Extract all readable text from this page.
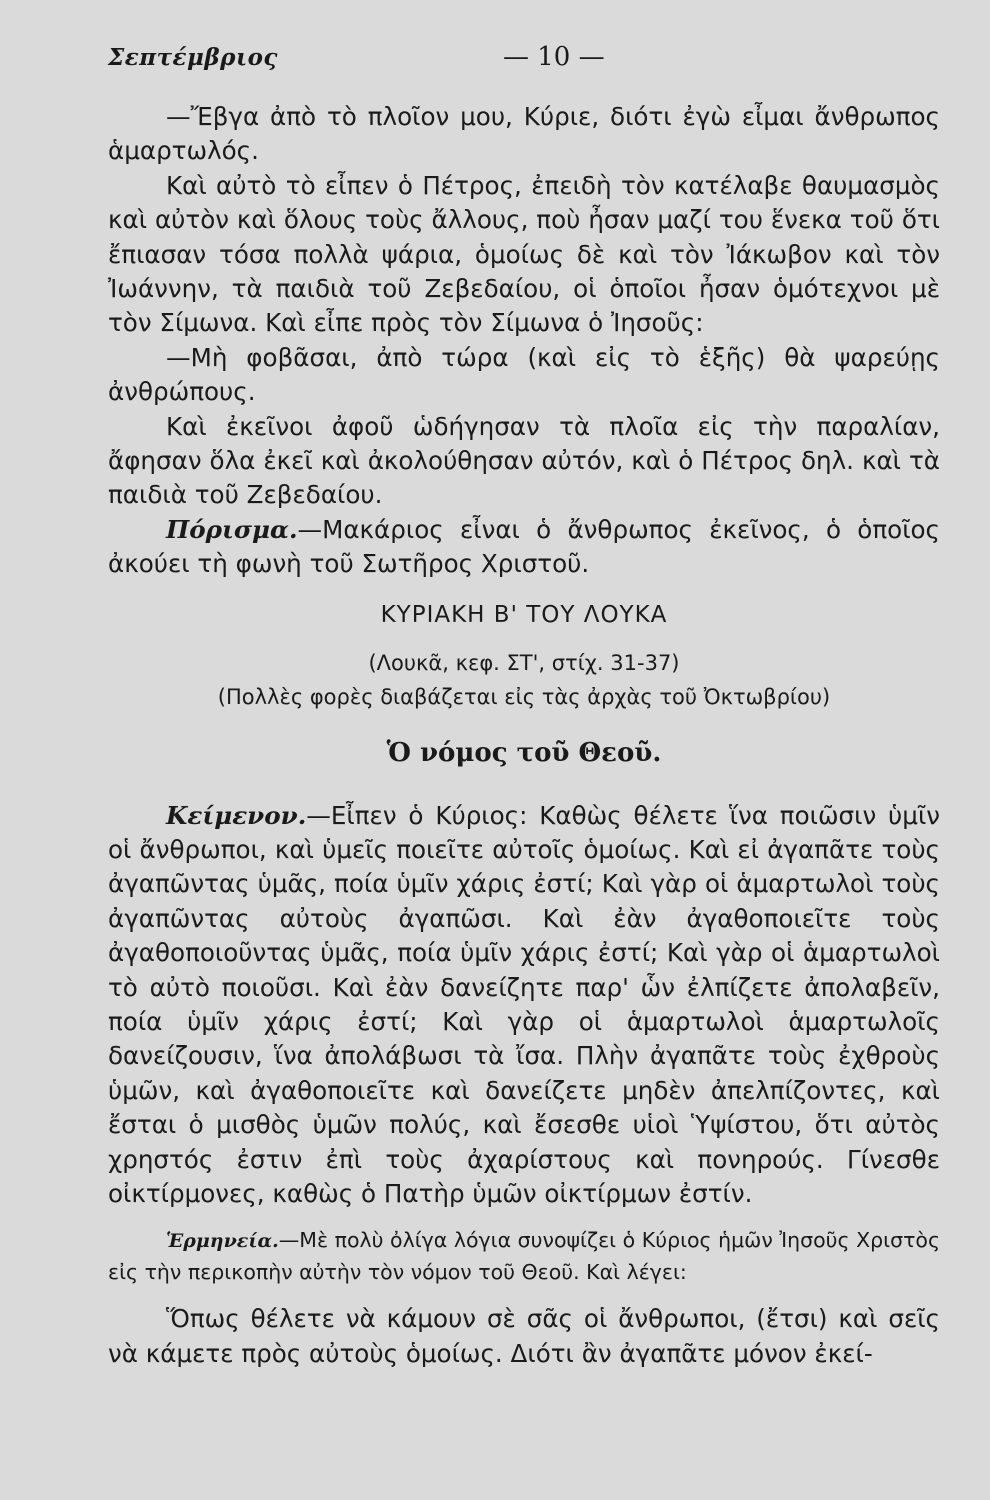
Σεπτέμβριος	— 10 —

—Ἔβγα ἀπὸ τὸ πλοῖον μου, Κύριε, διότι ἐγὼ εἶμαι ἄνθρωπος ἁμαρτωλός.

Καὶ αὐτὸ τὸ εἶπεν ὁ Πέτρος, ἐπειδὴ τὸν κατέλαβε θαυμασμὸς καὶ αὐτὸν καὶ ὅλους τοὺς ἄλλους, ποὺ ἦσαν μαζί του ἕνεκα τοῦ ὅτι ἔπιασαν τόσα πολλὰ ψάρια, ὁμοίως δὲ καὶ τὸν Ἰάκωβον καὶ τὸν Ἰωάννην, τὰ παιδιὰ τοῦ Ζεβεδαίου, οἱ ὁποῖοι ἦσαν ὁμότεχνοι μὲ τὸν Σίμωνα. Καὶ εἶπε πρὸς τὸν Σίμωνα ὁ Ἰησοῦς:

—Μὴ φοβᾶσαι, ἀπὸ τώρα (καὶ εἰς τὸ ἑξῆς) θὰ ψαρεύῃς ἀνθρώπους.

Καὶ ἐκεῖνοι ἀφοῦ ὡδήγησαν τὰ πλοῖα εἰς τὴν παραλίαν, ἄφησαν ὅλα ἐκεῖ καὶ ἀκολούθησαν αὐτόν, καὶ ὁ Πέτρος δηλ. καὶ τὰ παιδιὰ τοῦ Ζεβεδαίου.

Πόρισμα.—Μακάριος εἶναι ὁ ἄνθρωπος ἐκεῖνος, ὁ ὁποῖος ἀκούει τὴ φωνὴ τοῦ Σωτῆρος Χριστοῦ.

ΚΥΡΙΑΚΗ Β' ΤΟΥ ΛΟΥΚΑ

(Λουκᾶ, κεφ. ΣΤ', στίχ. 31-37)

(Πολλὲς φορὲς διαβάζεται εἰς τὰς ἀρχὰς τοῦ Ὀκτωβρίου)

Ὁ νόμος τοῦ Θεοῦ.

Κείμενον.—Εἶπεν ὁ Κύριος: Καθὼς θέλετε ἵνα ποιῶσιν ὑμῖν οἱ ἄνθρωποι, καὶ ὑμεῖς ποιεῖτε αὐτοῖς ὁμοίως. Καὶ εἰ ἀγαπᾶτε τοὺς ἀγαπῶντας ὑμᾶς, ποία ὑμῖν χάρις ἐστί; Καὶ γὰρ οἱ ἁμαρτωλοὶ τοὺς ἀγαπῶντας αὐτοὺς ἀγαπῶσι. Καὶ ἐὰν ἀγαθοποιεῖτε τοὺς ἀγαθοποιοῦντας ὑμᾶς, ποία ὑμῖν χάρις ἐστί; Καὶ γὰρ οἱ ἁμαρτωλοὶ τὸ αὐτὸ ποιοῦσι. Καὶ ἐὰν δανείζητε παρ' ὧν ἐλπίζετε ἀπολαβεῖν, ποία ὑμῖν χάρις ἐστί; Καὶ γὰρ οἱ ἁμαρτωλοὶ ἁμαρτωλοῖς δανείζουσιν, ἵνα ἀπολάβωσι τὰ ἴσα. Πλὴν ἀγαπᾶτε τοὺς ἐχθροὺς ὑμῶν, καὶ ἀγαθοποιεῖτε καὶ δανείζετε μηδὲν ἀπελπίζοντες, καὶ ἔσται ὁ μισθὸς ὑμῶν πολύς, καὶ ἔσεσθε υἱοὶ Ὑψίστου, ὅτι αὐτὸς χρηστός ἐστιν ἐπὶ τοὺς ἀχαρίστους καὶ πονηρούς. Γίνεσθε οἰκτίρμονες, καθὼς ὁ Πατὴρ ὑμῶν οἰκτίρμων ἐστίν.

Ἑρμηνεία.—Μὲ πολὺ ὀλίγα λόγια συνοψίζει ὁ Κύριος ἡμῶν Ἰησοῦς Χριστὸς εἰς τὴν περικοπὴν αὐτὴν τὸν νόμον τοῦ Θεοῦ. Καὶ λέγει:

Ὅπως θέλετε νὰ κάμουν σὲ σᾶς οἱ ἄνθρωποι, (ἔτσι) καὶ σεῖς νὰ κάμετε πρὸς αὐτοὺς ὁμοίως. Διότι ἂν ἀγαπᾶτε μόνον ἐκεί-
